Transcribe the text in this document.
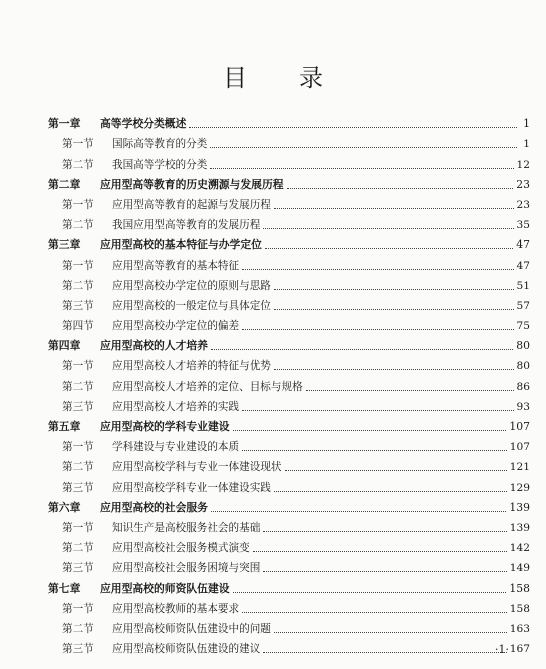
目 录
第一章 高等学校分类概述	1
第一节 国际高等教育的分类	1
第二节 我国高等学校的分类	12
第二章 应用型高等教育的历史溯源与发展历程	23
第一节 应用型高等教育的起源与发展历程	23
第二节 我国应用型高等教育的发展历程	35
第三章 应用型高校的基本特征与办学定位	47
第一节 应用型高等教育的基本特征	47
第二节 应用型高校办学定位的原则与思路	51
第三节 应用型高校的一般定位与具体定位	57
第四节 应用型高校办学定位的偏差	75
第四章 应用型高校的人才培养	80
第一节 应用型高校人才培养的特征与优势	80
第二节 应用型高校人才培养的定位、目标与规格	86
第三节 应用型高校人才培养的实践	93
第五章 应用型高校的学科专业建设	107
第一节 学科建设与专业建设的本质	107
第二节 应用型高校学科与专业一体建设现状	121
第三节 应用型高校学科专业一体建设实践	129
第六章 应用型高校的社会服务	139
第一节 知识生产是高校服务社会的基础	139
第二节 应用型高校社会服务模式演变	142
第三节 应用型高校社会服务困境与突围	149
第七章 应用型高校的师资队伍建设	158
第一节 应用型高校教师的基本要求	158
第二节 应用型高校师资队伍建设中的问题	163
第三节 应用型高校师资队伍建设的建议	167
·1·
